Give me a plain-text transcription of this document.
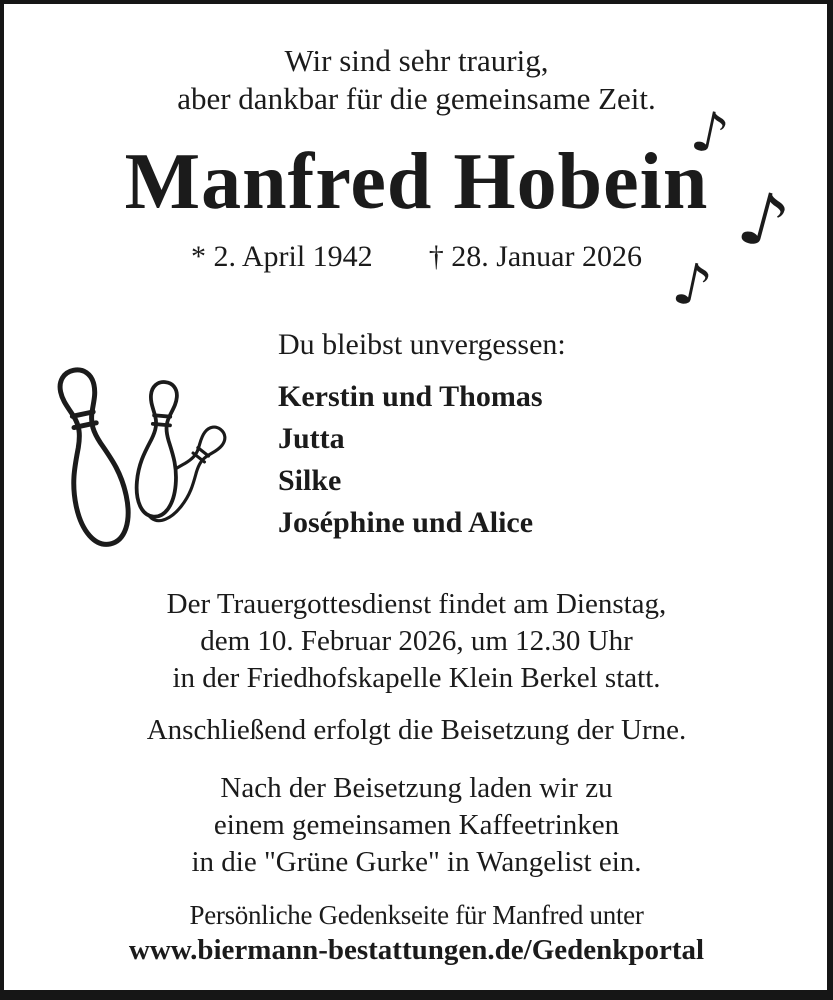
Wir sind sehr traurig,
aber dankbar für die gemeinsame Zeit. ♪
♪
♪
Manfred Hobein
* 2. April 1942 † 28. Januar 2026
Du bleibst unvergessen:
Kerstin und Thomas
Jutta
Silke
Joséphine und Alice
Der Trauergottesdienst findet am Dienstag,
dem 10. Februar 2026, um 12.30 Uhr
in der Friedhofskapelle Klein Berkel statt.
Anschließend erfolgt die Beisetzung der Urne.
Nach der Beisetzung laden wir zu
einem gemeinsamen Kaffeetrinken
in die "Grüne Gurke" in Wangelist ein.
Persönliche Gedenkseite für Manfred unter
www.biermann-bestattungen.de/Gedenkportal
